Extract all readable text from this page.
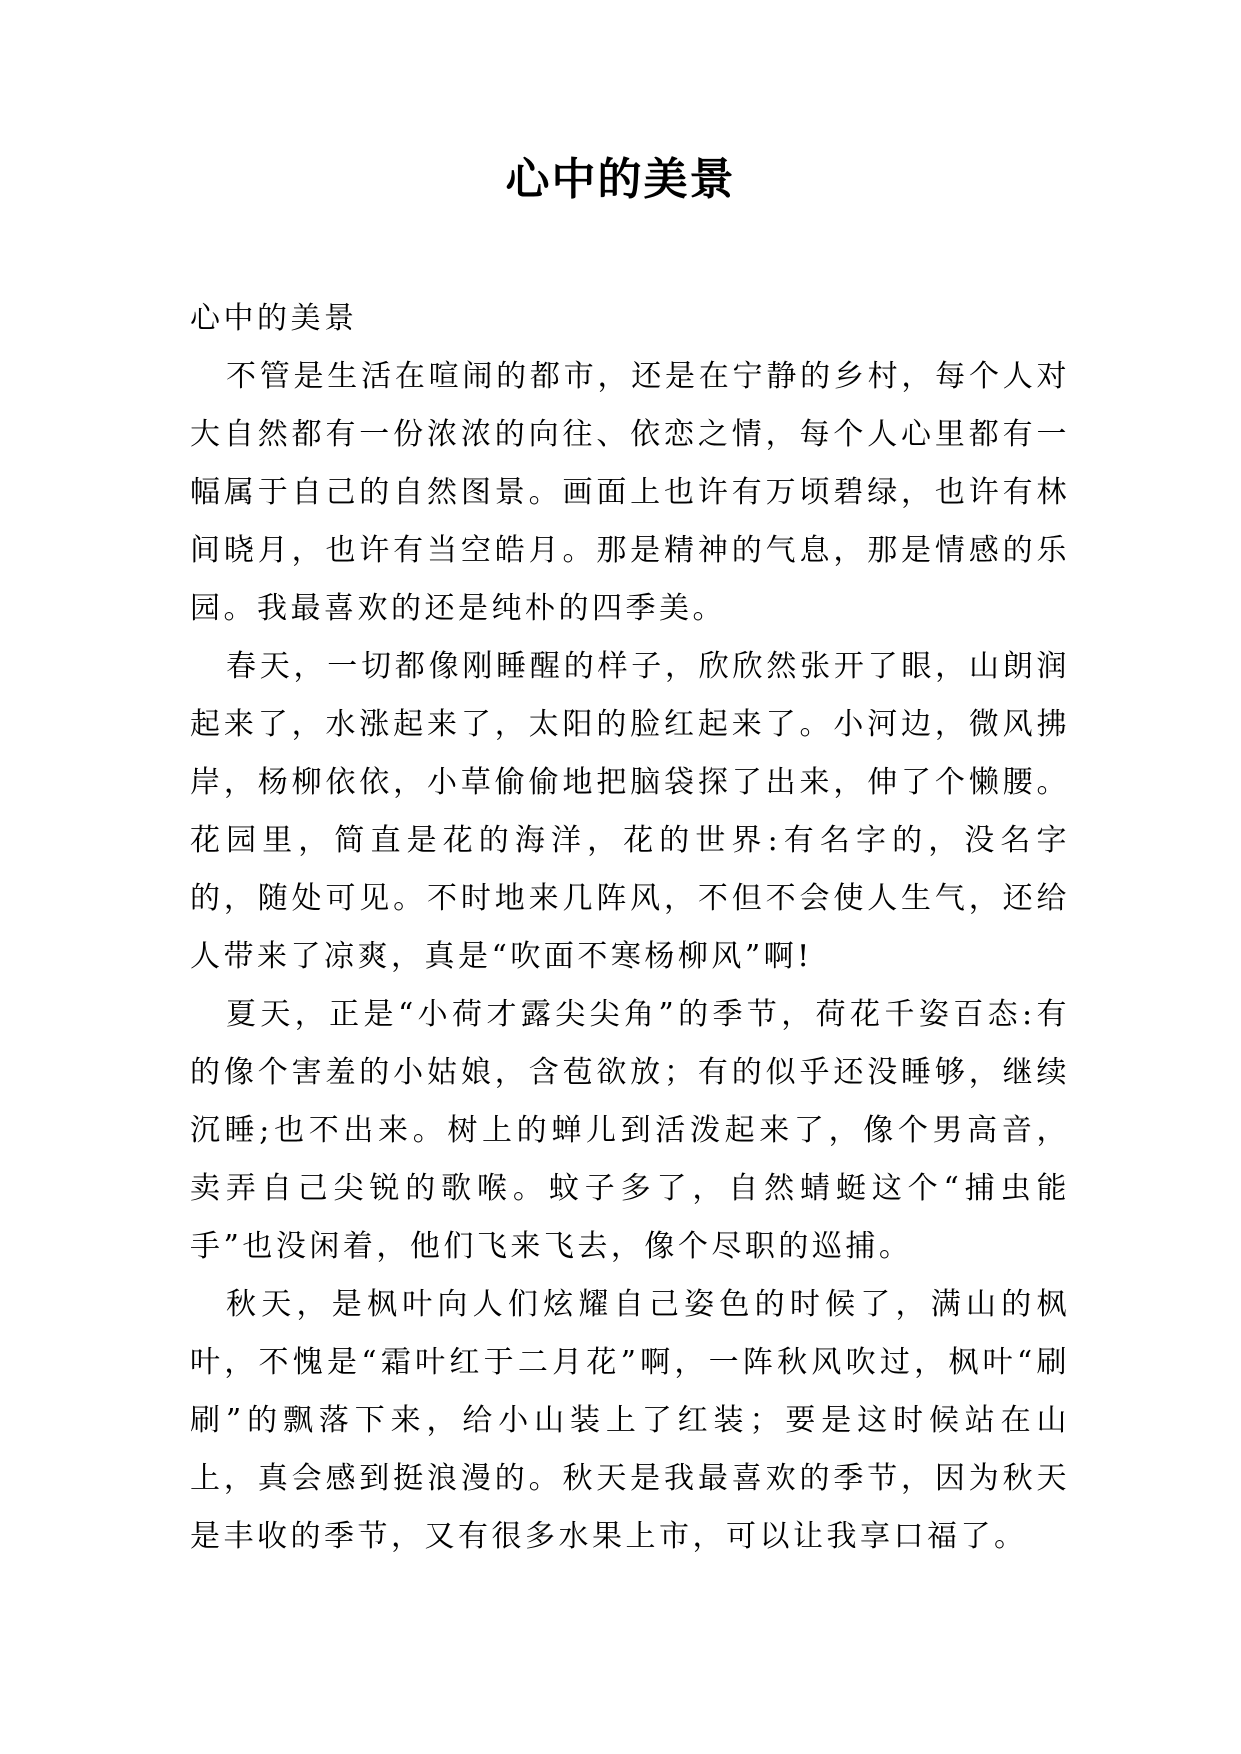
心中的美景

心中的美景

不管是生活在喧闹的都市，还是在宁静的乡村，每个人对大自然都有一份浓浓的向往、依恋之情，每个人心里都有一幅属于自己的自然图景。画面上也许有万顷碧绿，也许有林间晓月，也许有当空皓月。那是精神的气息，那是情感的乐园。我最喜欢的还是纯朴的四季美。

春天，一切都像刚睡醒的样子，欣欣然张开了眼，山朗润起来了，水涨起来了，太阳的脸红起来了。小河边，微风拂岸，杨柳依依，小草偷偷地把脑袋探了出来，伸了个懒腰。花园里，简直是花的海洋，花的世界:有名字的，没名字的，随处可见。不时地来几阵风，不但不会使人生气，还给人带来了凉爽，真是“吹面不寒杨柳风”啊!

夏天，正是“小荷才露尖尖角”的季节，荷花千姿百态:有的像个害羞的小姑娘，含苞欲放；有的似乎还没睡够，继续沉睡;也不出来。树上的蝉儿到活泼起来了，像个男高音，卖弄自己尖锐的歌喉。蚊子多了，自然蜻蜓这个“捕虫能手”也没闲着，他们飞来飞去，像个尽职的巡捕。

秋天，是枫叶向人们炫耀自己姿色的时候了，满山的枫叶，不愧是“霜叶红于二月花”啊，一阵秋风吹过，枫叶“刷刷”的飘落下来，给小山装上了红装；要是这时候站在山上，真会感到挺浪漫的。秋天是我最喜欢的季节，因为秋天是丰收的季节，又有很多水果上市，可以让我享口福了。
